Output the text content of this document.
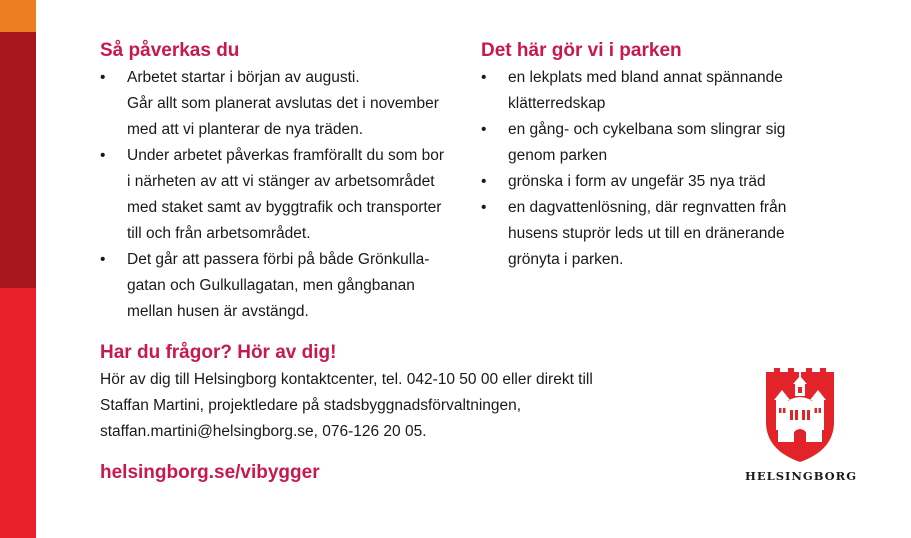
Så påverkas du
• Arbetet startar i början av augusti.
Går allt som planerat avslutas det i november
med att vi planterar de nya träden.
• Under arbetet påverkas framförallt du som bor
i närheten av att vi stänger av arbetsområdet
med staket samt av byggtrafik och transporter
till och från arbetsområdet.
• Det går att passera förbi på både Grönkulla-
gatan och Gulkullagatan, men gångbanan
mellan husen är avstängd.
Det här gör vi i parken
• en lekplats med bland annat spännande
klätterredskap
• en gång- och cykelbana som slingrar sig
genom parken
• grönska i form av ungefär 35 nya träd
• en dagvattenlösning, där regnvatten från
husens stuprör leds ut till en dränerande
grönyta i parken.
Har du frågor? Hör av dig!

Hör av dig till Helsingborg kontaktcenter, tel. 042-10 50 00 eller direkt till
Staffan Martini, projektledare på stadsbyggnadsförvaltningen,
staffan.martini@helsingborg.se, 076-126 20 05.

helsingborg.se/vibygger	HELSINGBORG
